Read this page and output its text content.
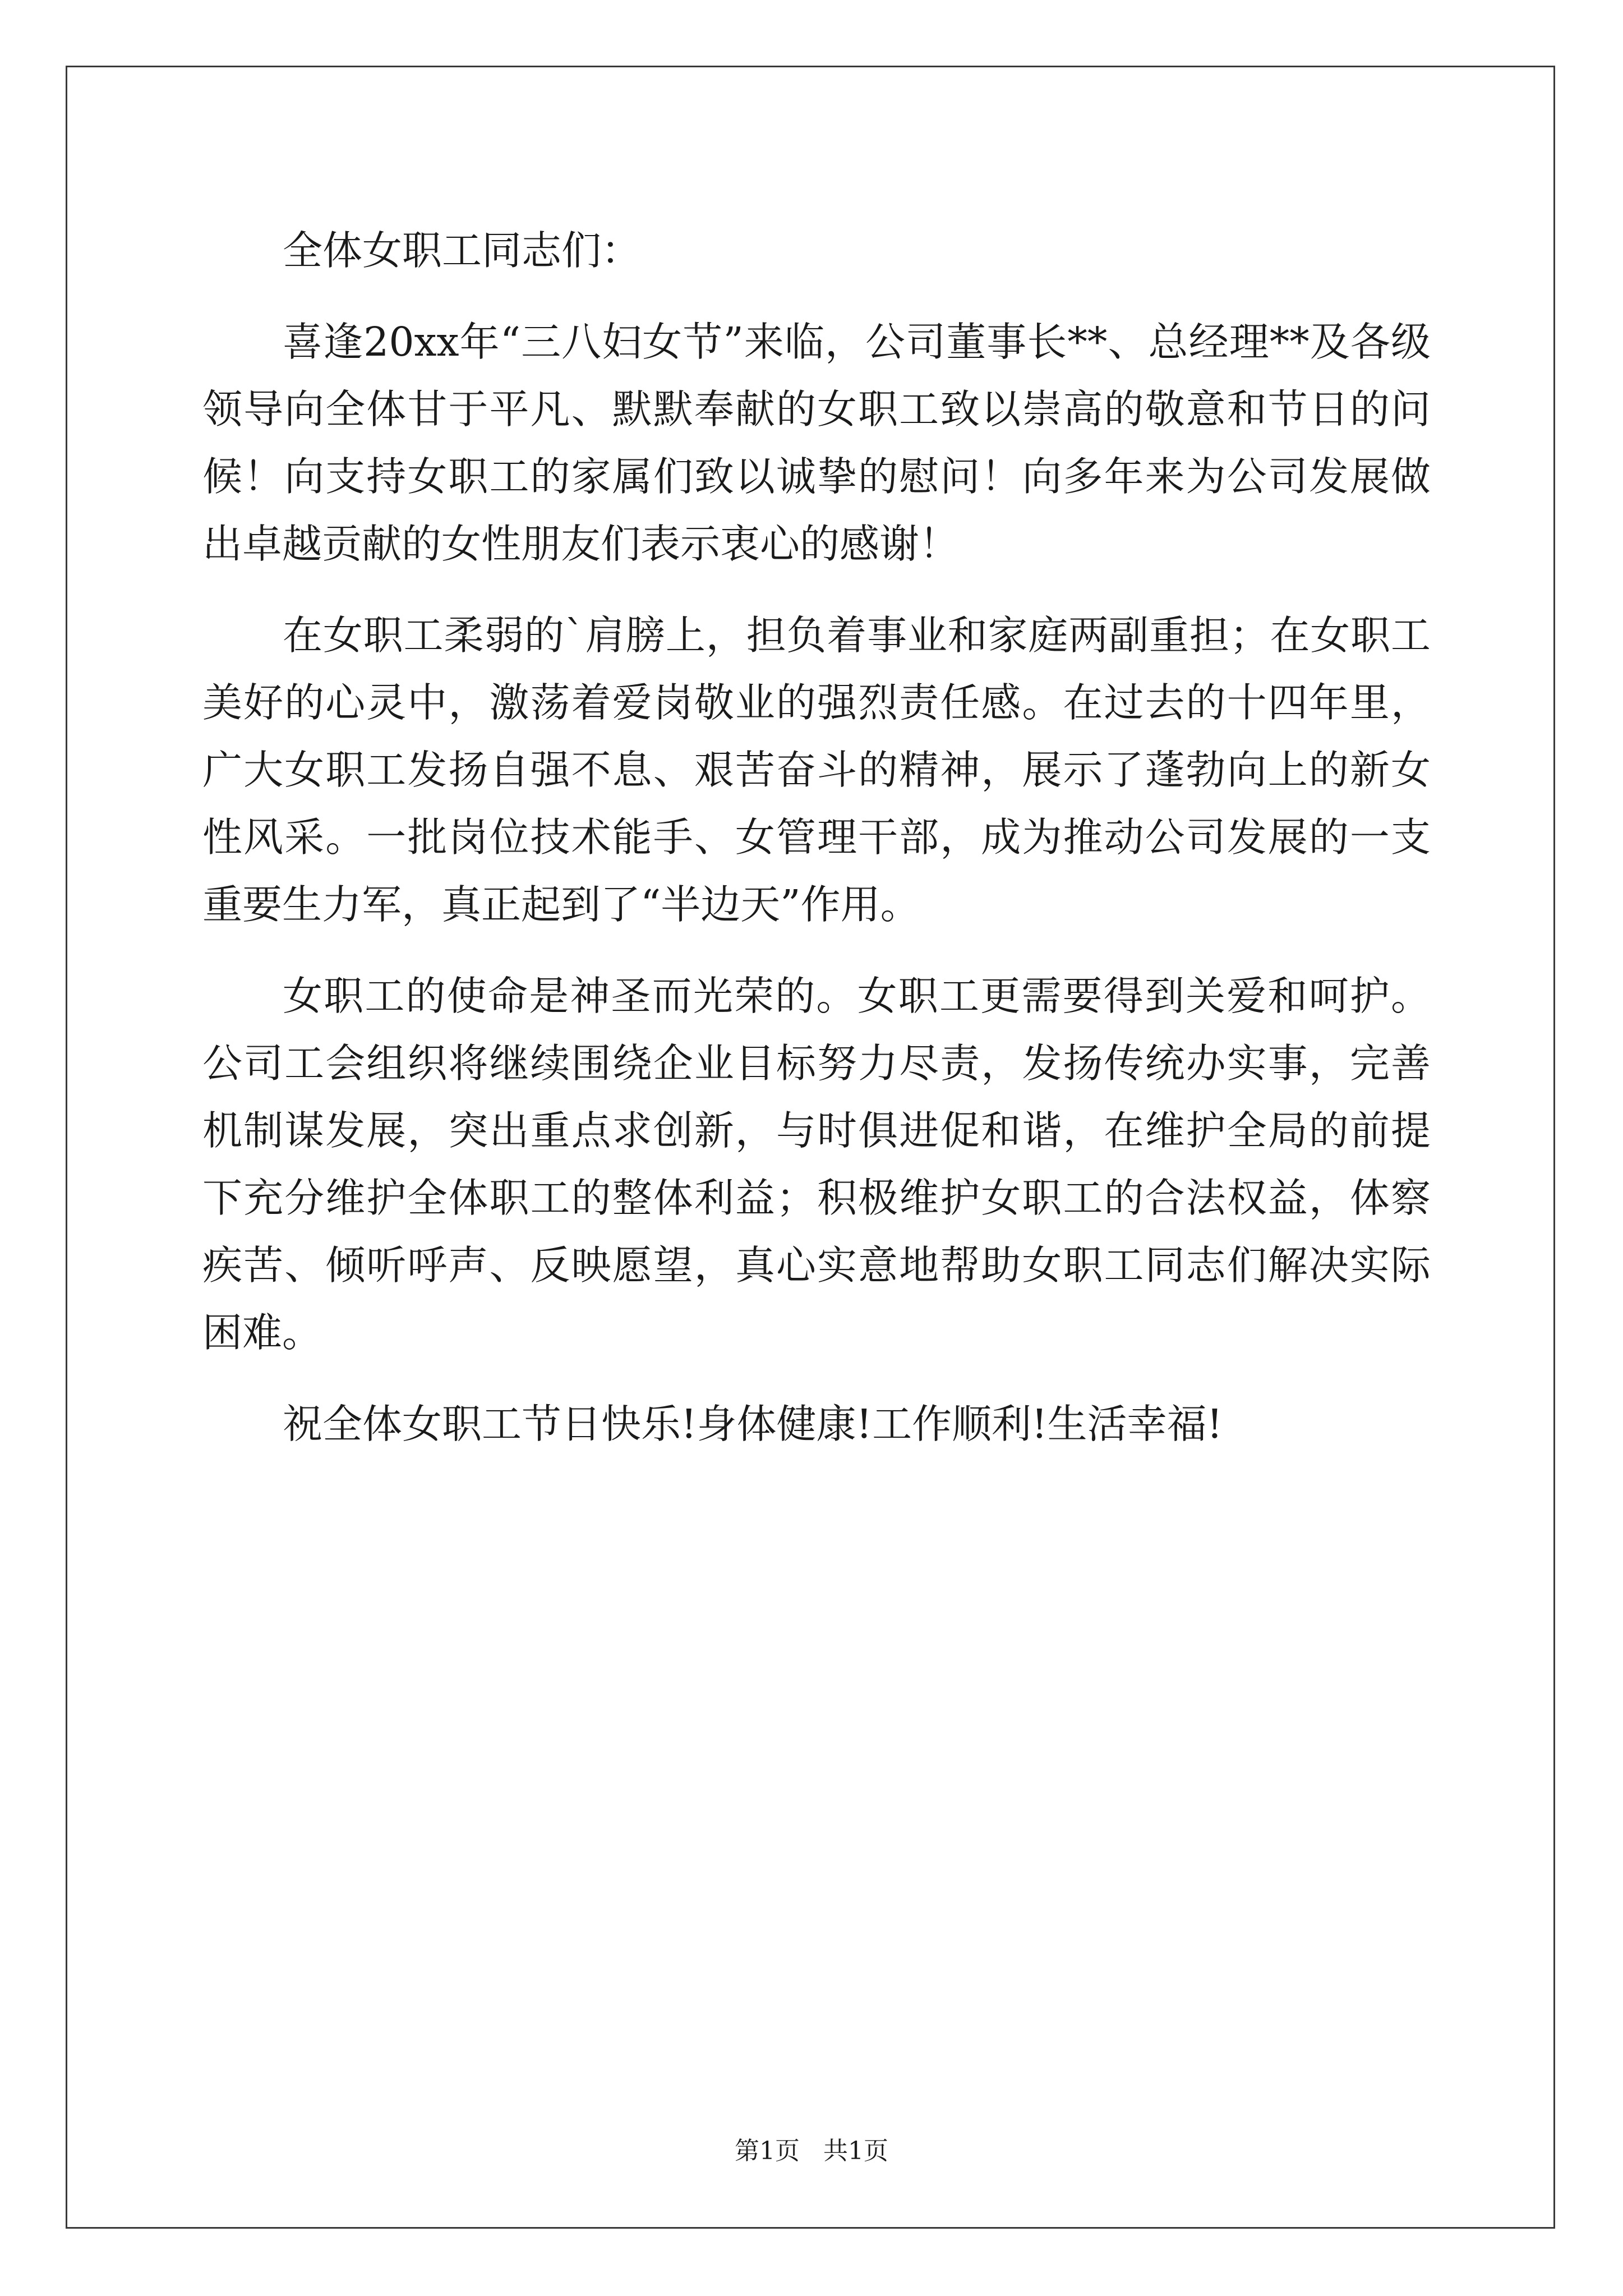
全体女职工同志们：

喜逢20xx年“三八妇女节”来临，公司董事长**、总经理**及各级领导向全体甘于平凡、默默奉献的女职工致以崇高的敬意和节日的问候！向支持女职工的家属们致以诚挚的慰问！向多年来为公司发展做出卓越贡献的女性朋友们表示衷心的感谢！

在女职工柔弱的`肩膀上，担负着事业和家庭两副重担；在女职工美好的心灵中，激荡着爱岗敬业的强烈责任感。在过去的十四年里，广大女职工发扬自强不息、艰苦奋斗的精神，展示了蓬勃向上的新女性风采。一批岗位技术能手、女管理干部，成为推动公司发展的一支重要生力军，真正起到了“半边天”作用。

女职工的使命是神圣而光荣的。女职工更需要得到关爱和呵护。公司工会组织将继续围绕企业目标努力尽责，发扬传统办实事，完善机制谋发展，突出重点求创新，与时俱进促和谐，在维护全局的前提下充分维护全体职工的整体利益；积极维护女职工的合法权益，体察疾苦、倾听呼声、反映愿望，真心实意地帮助女职工同志们解决实际困难。

祝全体女职工节日快乐!身体健康!工作顺利!生活幸福!

第1页 共1页
